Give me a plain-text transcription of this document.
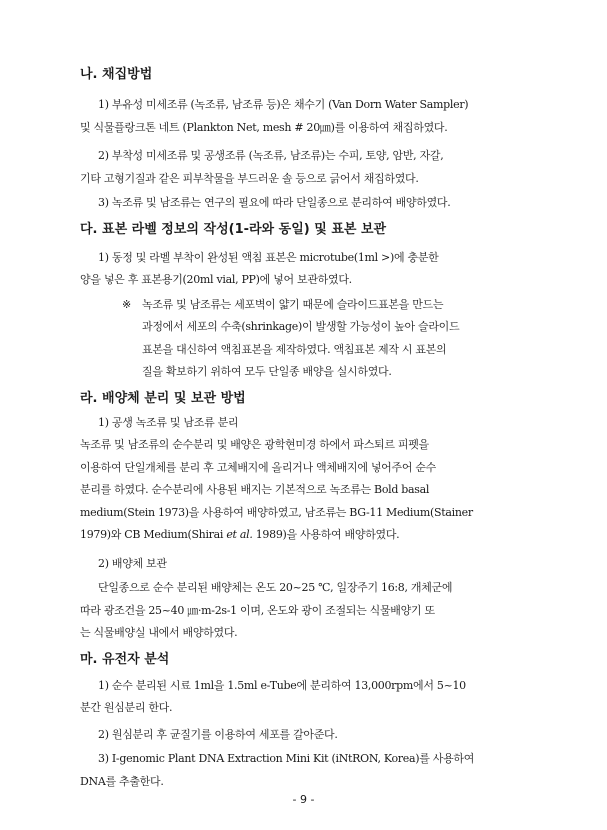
나. 채집방법
1) 부유성 미세조류 (녹조류, 남조류 등)은 채수기 (Van Dorn Water Sampler)
및 식물플랑크톤 네트 (Plankton Net, mesh # 20㎛)를 이용하여 채집하였다.
2) 부착성 미세조류 및 공생조류 (녹조류, 남조류)는 수피, 토양, 암반, 자갈,
기타 고형기질과 같은 피부착물을 부드러운 솔 등으로 긁어서 채집하였다.
3) 녹조류 및 남조류는 연구의 필요에 따라 단일종으로 분리하여 배양하였다.
다. 표본 라벨 정보의 작성(1-라와 동일) 및 표본 보관
1) 동정 및 라벨 부착이 완성된 액침 표본은 microtube(1ml >)에 충분한
양을 넣은 후 표본용기(20ml vial, PP)에 넣어 보관하였다.
※ 녹조류 및 남조류는 세포벽이 얇기 때문에 슬라이드표본을 만드는
과정에서 세포의 수축(shrinkage)이 발생할 가능성이 높아 슬라이드
표본을 대신하여 액침표본을 제작하였다. 액침표본 제작 시 표본의
질을 확보하기 위하여 모두 단일종 배양을 실시하였다.
라. 배양체 분리 및 보관 방법
1) 공생 녹조류 및 남조류 분리
녹조류 및 남조류의 순수분리 및 배양은 광학현미경 하에서 파스퇴르 피펫을
이용하여 단일개체를 분리 후 고체배지에 올리거나 액체배지에 넣어주어 순수
분리를 하였다. 순수분리에 사용된 배지는 기본적으로 녹조류는 Bold basal
medium(Stein 1973)을 사용하여 배양하였고, 남조류는 BG-11 Medium(Stainer
1979)와 CB Medium(Shirai et al. 1989)을 사용하여 배양하였다.
2) 배양체 보관
단일종으로 순수 분리된 배양체는 온도 20~25 ℃, 일장주기 16:8, 개체군에
따라 광조건을 25~40 ㎛·m-2s-1 이며, 온도와 광이 조절되는 식물배양기 또
는 식물배양실 내에서 배양하였다.
마. 유전자 분석
1) 순수 분리된 시료 1ml을 1.5ml e-Tube에 분리하여 13,000rpm에서 5~10
분간 원심분리 한다.
2) 원심분리 후 균질기를 이용하여 세포를 갈아준다.
3) I-genomic Plant DNA Extraction Mini Kit (iNtRON, Korea)를 사용하여
DNA를 추출한다.
- 9 -
